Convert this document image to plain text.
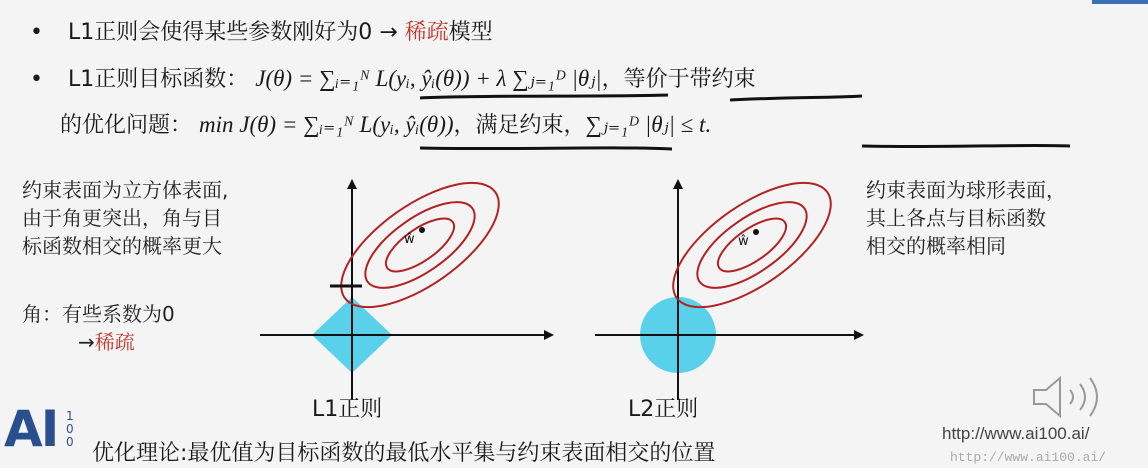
• L1正则会使得某些参数刚好为0 → 稀疏模型
• L1正则目标函数： J(θ) = ∑ᵢ₌₁ᴺ L(yᵢ, ŷᵢ(θ)) + λ ∑ⱼ₌₁ᴰ |θⱼ|，等价于带约束
的优化问题： min J(θ) = ∑ᵢ₌₁ᴺ L(yᵢ, ŷᵢ(θ))，满足约束，∑ⱼ₌₁ᴰ |θⱼ| ≤ t.
约束表面为立方体表面,
由于角更突出，角与目
标函数相交的概率更大
角：有些系数为0
→稀疏
约束表面为球形表面，
其上各点与目标函数
相交的概率相同
ŵ
L1正则
ŵ
L2正则
AI 100 优化理论:最优值为目标函数的最低水平集与约束表面相交的位置
http://www.ai100.ai/
http://www.ai100.ai/
